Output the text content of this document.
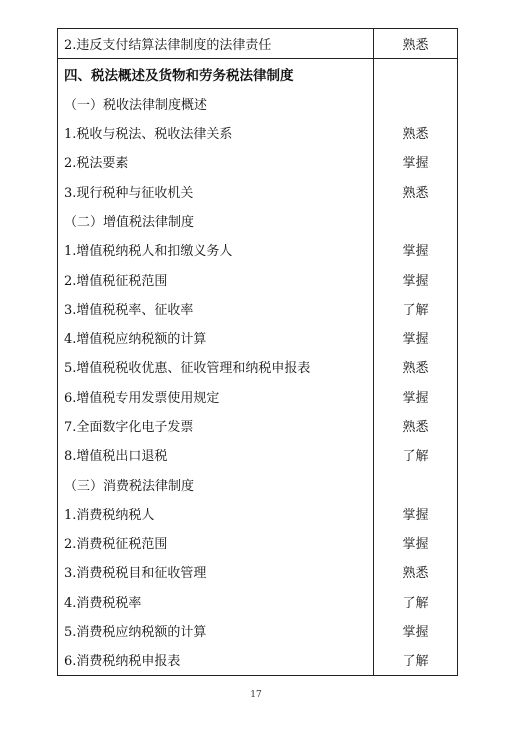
2.违反支付结算法律制度的法律责任	熟悉
四、税法概述及货物和劳务税法律制度
（一）税收法律制度概述
1.税收与税法、税收法律关系	熟悉
2.税法要素	掌握
3.现行税种与征收机关	熟悉
（二）增值税法律制度
1.增值税纳税人和扣缴义务人	掌握
2.增值税征税范围	掌握
3.增值税税率、征收率	了解
4.增值税应纳税额的计算	掌握
5.增值税税收优惠、征收管理和纳税申报表	熟悉
6.增值税专用发票使用规定	掌握
7.全面数字化电子发票	熟悉
8.增值税出口退税	了解
（三）消费税法律制度
1.消费税纳税人	掌握
2.消费税征税范围	掌握
3.消费税税目和征收管理	熟悉
4.消费税税率	了解
5.消费税应纳税额的计算	掌握
6.消费税纳税申报表	了解
17
